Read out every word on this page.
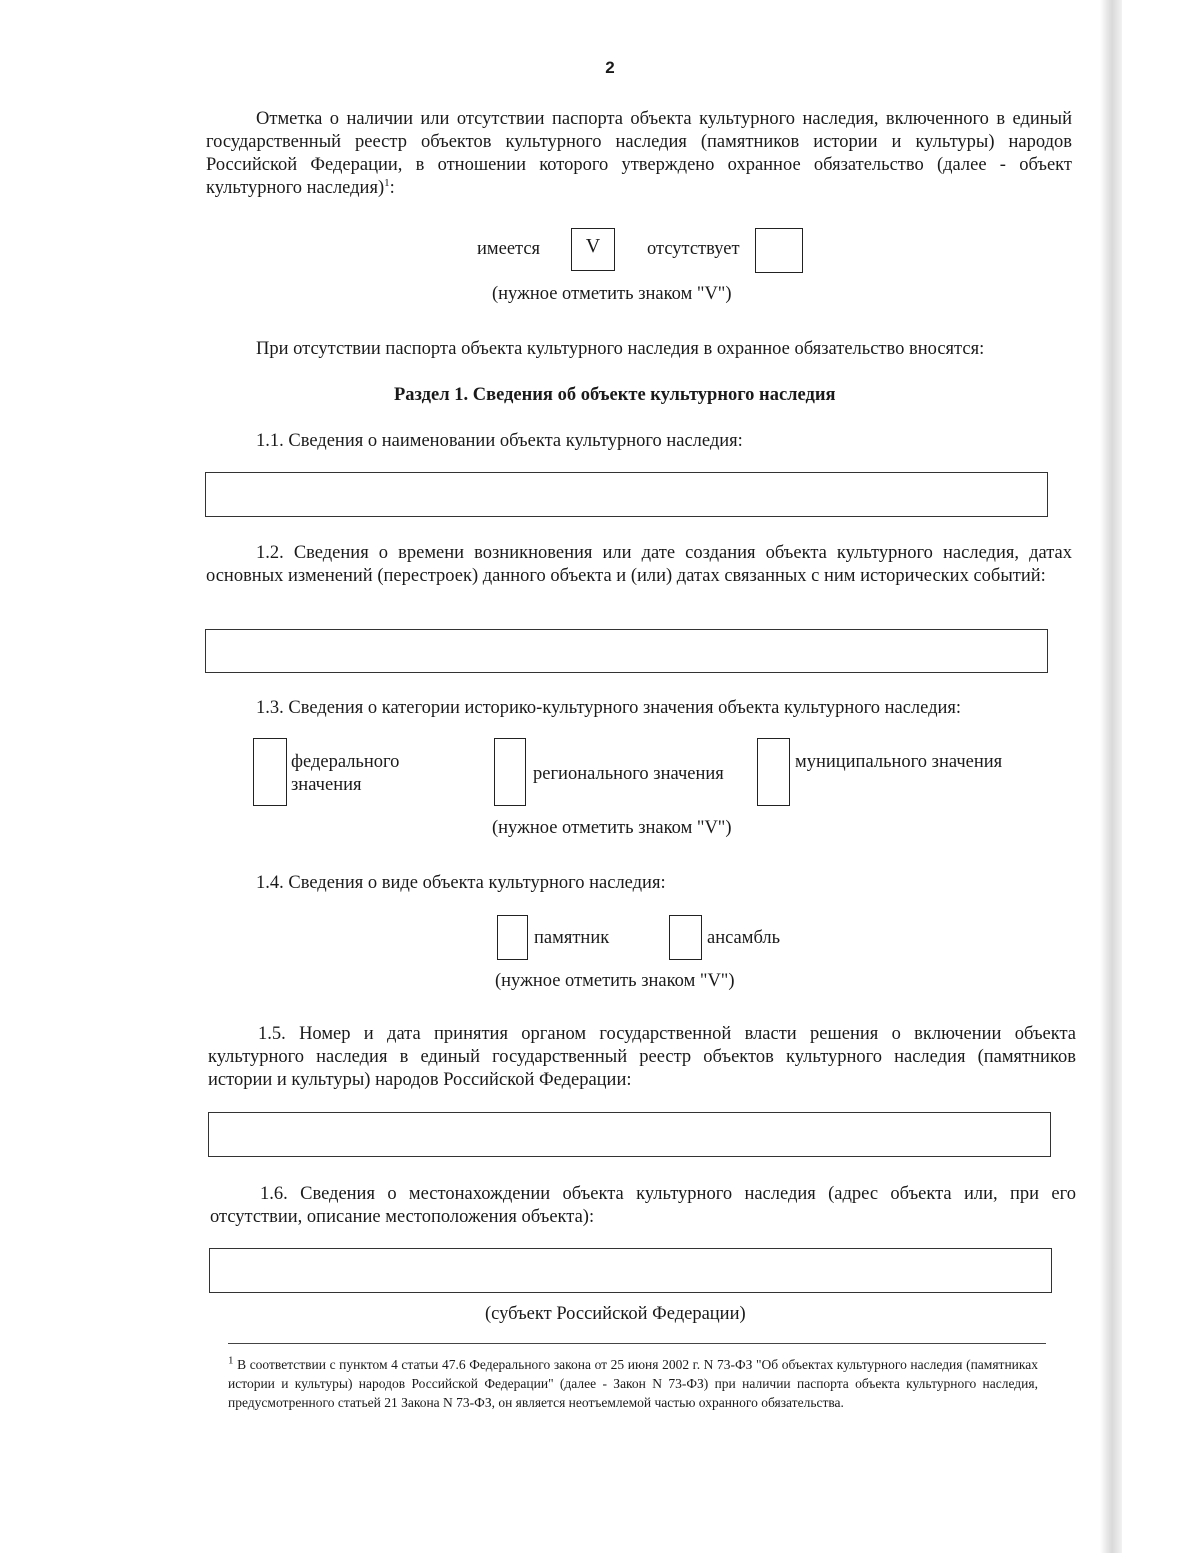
2
Отметка о наличии или отсутствии паспорта объекта культурного наследия, включенного в единый государственный реестр объектов культурного наследия (памятников истории и культуры) народов Российской Федерации, в отношении которого утверждено охранное обязательство (далее - объект культурного наследия)$^1$:
имеется	V	отсутствует
(нужное отметить знаком "V")
При отсутствии паспорта объекта культурного наследия в охранное обязательство вносятся:
Раздел 1. Сведения об объекте культурного наследия
1.1. Сведения о наименовании объекта культурного наследия:
1.2. Сведения о времени возникновения или дате создания объекта культурного наследия, датах основных изменений (перестроек) данного объекта и (или) датах связанных с ним исторических событий:
1.3. Сведения о категории историко-культурного значения объекта культурного наследия:
федерального значения
регионального значения
муниципального значения
(нужное отметить знаком "V")
1.4. Сведения о виде объекта культурного наследия:
памятник	ансамбль
(нужное отметить знаком "V")
1.5. Номер и дата принятия органом государственной власти решения о включении объекта культурного наследия в единый государственный реестр объектов культурного наследия (памятников истории и культуры) народов Российской Федерации:
1.6. Сведения о местонахождении объекта культурного наследия (адрес объекта или, при его отсутствии, описание местоположения объекта):
(субъект Российской Федерации)
$^1$ В соответствии с пунктом 4 статьи 47.6 Федерального закона от 25 июня 2002 г. N 73-ФЗ "Об объектах культурного наследия (памятниках истории и культуры) народов Российской Федерации" (далее - Закон N 73-ФЗ) при наличии паспорта объекта культурного наследия, предусмотренного статьей 21 Закона N 73-ФЗ, он является неотъемлемой частью охранного обязательства.
